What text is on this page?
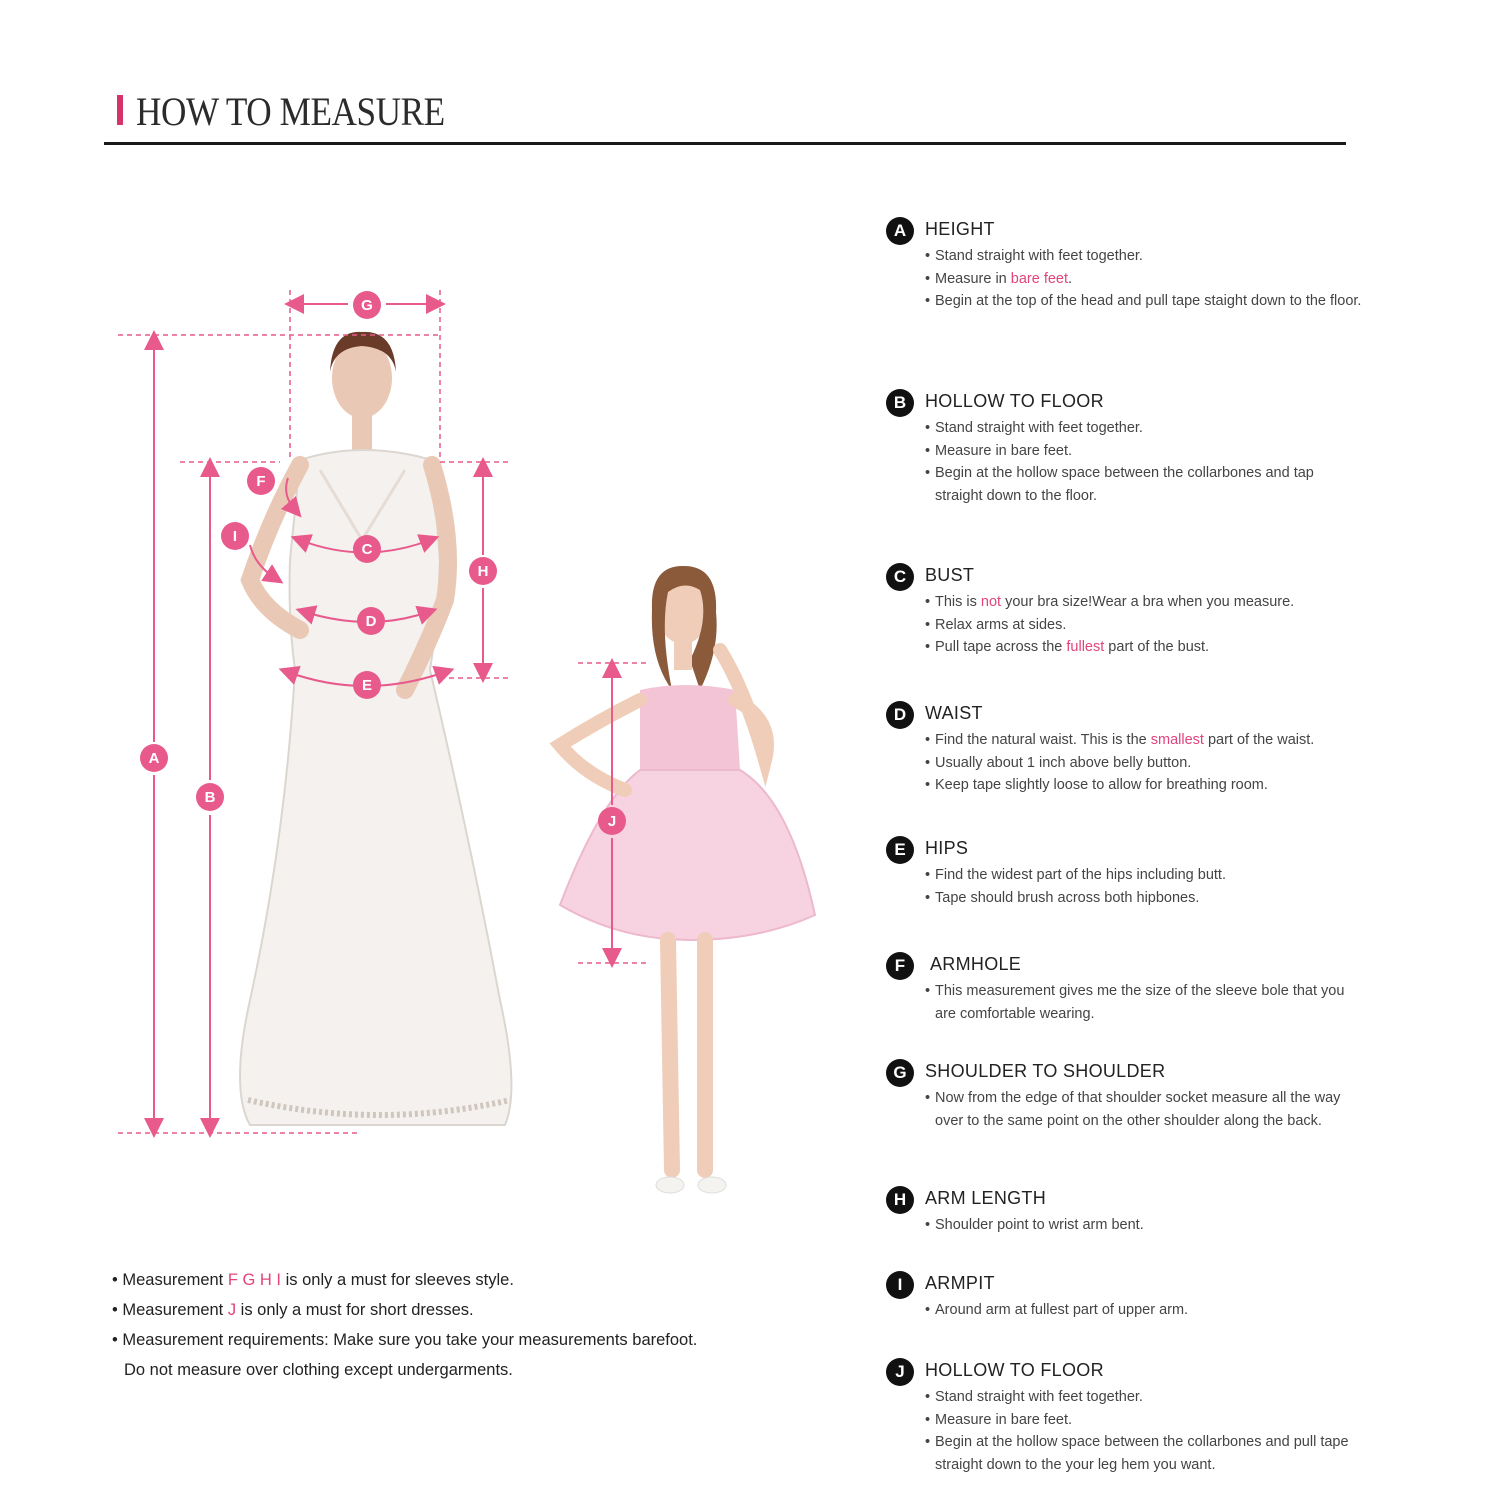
HOW TO MEASURE
G
F
I
C
H
D
E
A
B
J
A	HEIGHT
• Stand straight with feet together.
• Measure in bare feet.
• Begin at the top of the head and pull tape staight down to the floor.
B	HOLLOW TO FLOOR
• Stand straight with feet together.
• Measure in bare feet.
• Begin at the hollow space between the collarbones and tap straight down to the floor.
C	BUST
• This is not your bra size!Wear a bra when you measure.
• Relax arms at sides.
• Pull tape across the fullest part of the bust.
D	WAIST
• Find the natural waist. This is the smallest part of the waist.
• Usually about 1 inch above belly button.
• Keep tape slightly loose to allow for breathing room.
E	HIPS
• Find the widest part of the hips including butt.
• Tape should brush across both hipbones.
F	ARMHOLE
• This measurement gives me the size of the sleeve bole that you are comfortable wearing.
G	SHOULDER TO SHOULDER
• Now from the edge of that shoulder socket measure all the way over to the same point on the other shoulder along the back.
H	ARM LENGTH
• Shoulder point to wrist arm bent.
I	ARMPIT
• Around arm at fullest part of upper arm.
J	HOLLOW TO FLOOR
• Stand straight with feet together.
• Measure in bare feet.
• Begin at the hollow space between the collarbones and pull tape straight down to the your leg hem you want.
• Measurement F G H I is only a must for sleeves style.
• Measurement J is only a must for short dresses.
• Measurement requirements: Make sure you take your measurements barefoot.
Do not measure over clothing except undergarments.
